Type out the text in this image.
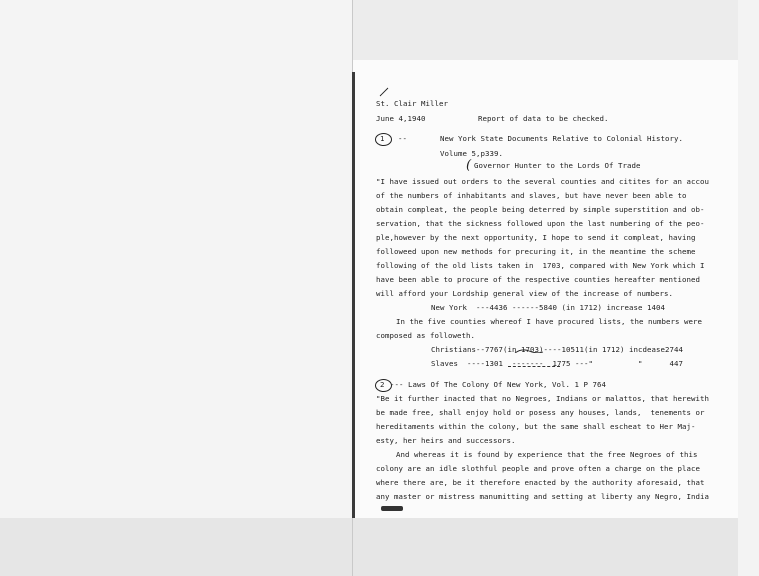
St. Clair Miller
June 4,1940	Report of data to be checked.
1 --	New York State Documents Relative to Colonial History.
Volume 5,p339.
( Governor Hunter to the Lords Of Trade
"I have issued out orders to the several counties and citites for an accou
of the numbers of inhabitants and slaves, but have never been able to
obtain compleat, the people being deterred by simple superstition and ob-
servation, that the sickness followed upon the last numbering of the peo-
ple,however by the next opportunity, I hope to send it compleat, having
followeed upon new methods for precuring it, in the meantime the scheme
following of the old lists taken in  1703, compared with New York which I
have been able to procure of the respective counties hereafter mentioned
will afford your Lordship general view of the increase of numbers.
New York  ---4436 ------5840 (in 1712) increase 1404
In the five counties whereof I have procured lists, the numbers were
composed as followeth.
Christians--7767(in 1703)----10511(in 1712) incdease2744
Slaves  ----1301  -------  1775 ---"          "      447
2 --- Laws Of The Colony Of New York, Vol. 1 P 764
"Be it further inacted that no Negroes, Indians or malattos, that herewith
be made free, shall enjoy hold or posess any houses, lands,  tenements or
hereditaments within the colony, but the same shall escheat to Her Maj-
esty, her heirs and successors.
And whereas it is found by experience that the free Negroes of this
colony are an idle slothful people and prove often a charge on the place
where there are, be it therefore enacted by the authority aforesaid, that
any master or mistress manumitting and setting at liberty any Negro, India
